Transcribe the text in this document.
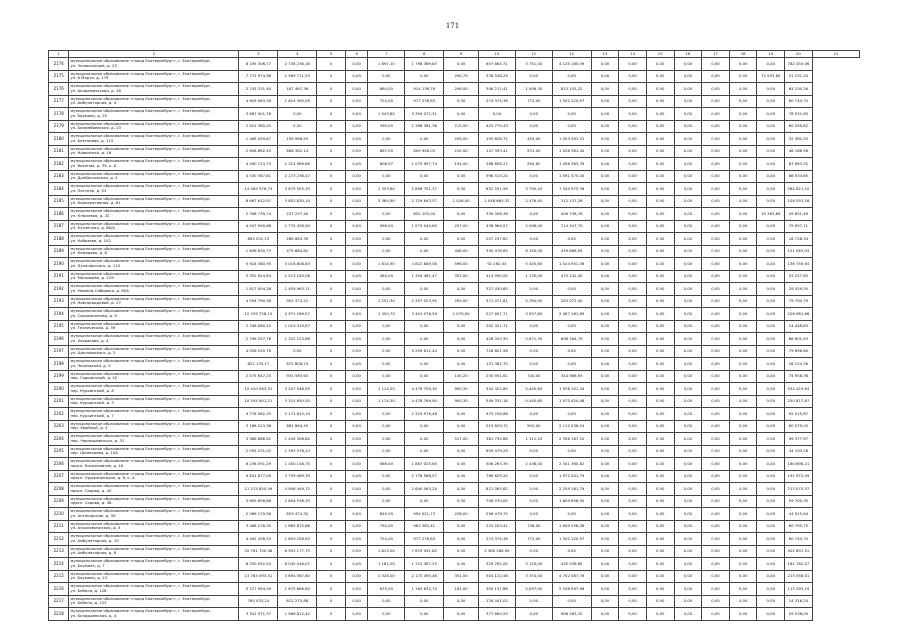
171
1	2	3	4	5	6	7	8	9	10	11	12	13	14	15	16	17	18	19	20	21
2174	муниципальное образование «город Екатеринбург», г. Екатеринбург,
ул. Челюскинцев, д. 23	8 195 306,77	2 738 236,16	0	0,00	1 897,10	1 798 389,83	0,00	607 864,71	3 751,00	4 125 165,09	0,00	0,00	0,00	0,00	0,00	0,00	0,00	782 455,06	
2175	муниципальное образование «город Екатеринбург», г. Екатеринбург,
ул. 8 Марта, д. 179	7 772 974,98	1 569 711,53	0	0,00	0,00	0,00	290,79	338 548,29	0,00	0,00	0,00	0,00	0,00	0,00	0,00	0,00	72 933,65	51 231,20	
2176	муниципальное образование «город Екатеринбург», г. Екатеринбург,
ул. Академическая, д. 18	2 745 331,40	187 467,36	0	0,00	864,00	914 136,76	206,00	346 212,41	1 006,30	813 155,22	0,00	0,00	0,00	0,00	0,00	0,00	0,00	64 230,26	
2177	муниципальное образование «город Екатеринбург», г. Екатеринбург,
ул. Амбулаторная, д. 4	4 626 063,36	1 624 394,09	0	0,00	724,00	977 276,63	0,00	274 374,36	772,00	1 502 120,97	0,00	0,00	0,00	0,00	0,00	0,00	0,00	60 740,70	
2178	муниципальное образование «город Екатеринбург», г. Екатеринбург,
ул. Баумана, д. 25	3 667 901,76	0,00	0	0,00	1 543,80	3 394 072,31	0,00	0,00	0,00	0,00	0,00	0,00	0,00	0,00	0,00	0,00	0,00	78 031,65	
2179	муниципальное образование «город Екатеринбург», г. Екатеринбург,
ул. Билимбаевская, д. 23	2 921 385,55	0,00	0	0,00	399,00	1 396 361,36	715,00	425 770,43	0,00	0,00	0,00	0,00	0,00	0,00	0,00	0,00	0,00	60 559,82	
2180	муниципальное образование «город Екатеринбург», г. Екатеринбург,
ул. Бехтерева, д. 115	1 466 559,87	199 956,93	0	0,00	0,00	0,00	209,00	155 628,72	455,00	1 053 491,31	0,00	0,00	0,00	0,00	0,00	0,00	0,00	32 362,55	
2181	муниципальное образование «город Екатеринбург», г. Екатеринбург,
ул. Новинская, д. 16	2 608 862,45	668 382,14	0	0,00	867,00	809 946,03	215,00	147 393,41	531,00	1 026 361,40	0,00	0,00	0,00	0,00	0,00	0,00	0,00	48 186,56	
2182	муниципальное образование «город Екатеринбург», г. Екатеринбург,
ул. Военная, д. 39, к. Б	4 490 123,73	1 314 986,66	0	0,00	608,97	1 075 997,74	154,00	268 856,27	594,82	1 458 363,39	0,00	0,00	0,00	0,00	0,00	0,00	0,00	87 863,32	
2183	муниципальное образование «город Екатеринбург», г. Екатеринбург,
ул. Донбассовская, д. 4	4 530 367,81	2 273 236,47	0	0,00	0,00	0,00	0,00	596 513,24	0,00	1 591 575,40	0,00	0,00	0,00	0,00	0,00	0,00	0,00	68 934,65	
2184	муниципальное образование «город Екатеринбург», г. Екатеринбург,
ул. Пестеля, д. 53	14 085 976,73	3 875 555,35	0	0,00	1 353,60	2 808 751,37	0,00	832 551,56	3 795,20	7 344 975,36	0,00	0,00	0,00	0,00	0,00	0,00	0,00	284 821,10	
2185	муниципальное образование «город Екатеринбург», г. Екатеринбург,
ул. Кооперативная, д. 81	8 667 612,97	3 852 830,14	0	0,00	3 384,90	2 729 643,57	1 026,00	1 048 663,32	2 476,40	312 137,26	0,00	0,00	0,00	0,00	0,00	0,00	0,00	109 553,18	
2186	муниципальное образование «город Екатеринбург», г. Екатеринбург,
ул. Ключевая, д. 32	2 308 739,74	237 257,40	0	0,00	0,00	852 103,04	0,00	339 308,36	0,00	406 738,76	0,00	0,00	0,00	0,00	0,00	0,00	10 363,89	45 851,49	
2187	муниципальное образование «город Екатеринбург», г. Екатеринбург,
ул. Кузнечная, д. 86/А	4 047 990,66	1 770 458,90	0	0,00	996,00	1 573 044,60	257,00	436 964,57	2 096,00	714 347,70	0,00	0,00	0,00	0,00	0,00	0,00	0,00	79 957,71	
2188	муниципальное образование «город Екатеринбург», г. Екатеринбург,
ул. Кобозева, д. 102	895 032,23	268 863,39	0	0,00	0,00	0,00	0,00	207 237,82	0,00	0,00	0,00	0,00	0,00	0,00	0,00	0,00	0,00	18 728,34	
2189	муниципальное образование «город Екатеринбург», г. Екатеринбург,
ул. Комарова, д. 8	1 836 630,73	475 884,82	0	0,00	0,00	0,00	446,00	330 476,65	6 150,00	439 886,94	0,00	0,00	0,00	0,00	0,00	0,00	0,00	121 063,03	
2190	муниципальное образование «город Екатеринбург», г. Екатеринбург,
ул. Луначарского, д. 115	5 924 380,95	3 016 808,83	0	0,00	1 814,90	4 822 889,58	596,00	92 262,54	5 445,60	1 024 951,36	0,00	0,00	0,00	0,00	0,00	0,00	0,00	136 750,64	
2191	муниципальное образование «город Екатеринбург», г. Екатеринбург,
ул. Малышева, д. 129	3 352 624,84	1 513 163,08	0	0,00	484,00	1 304 461,47	352,00	414 990,00	1 130,00	470 142,40	0,00	0,00	0,00	0,00	0,00	0,00	0,00	53 227,60	
2192	муниципальное образование «город Екатеринбург», г. Екатеринбург,
ул. Мамина-Сибиряка, д. 85А	1 817 004,28	1 459 963,11	0	0,00	0,00	0,00	0,00	327 430,85	0,00	0,00	0,00	0,00	0,00	0,00	0,00	0,00	0,00	29 529,30	
2193	муниципальное образование «город Екатеринбург», г. Екатеринбург,
ул. Новгородцевой, д. 27	4 094 790,36	902 474,21	0	0,00	1 251,30	2 357 023,95	205,00	571 471,81	0,784,00	263 072,40	0,00	0,00	0,00	0,00	0,00	0,00	0,00	79 790,79	
2194	муниципальное образование «город Екатеринбург», г. Екатеринбург,
ул. Сыромолотова, д. 9	12 709 728,15	2 971 189,57	0	0,00	1 350,70	3 401 076,59	1 079,00	227 607,71	3 057,80	2 467 161,69	0,00	0,00	0,00	0,00	0,00	0,00	0,00	228 961,66	
2195	муниципальное образование «город Екатеринбург», г. Екатеринбург,
ул. Техническая, д. 39	2 346 080,42	1 019 419,67	0	0,00	0,00	0,00	0,00	292 321,71	0,00	0,00	0,00	0,00	0,00	0,00	0,00	0,00	0,00	14 448,83	
2196	муниципальное образование «город Екатеринбург», г. Екатеринбург,
ул. Хохрякова, д. 4	2 796 357,78	1 322 123,68	0	0,00	0,00	0,00	0,00	426 343,30	0,671,30	898 164,79	0,00	0,00	0,00	0,00	0,00	0,00	0,00	66 601,93	
2197	муниципальное образование «город Екатеринбург», г. Екатеринбург,
ул. Циолковского, д. 2	4 056 520,76	0,00	0	0,00	0,00	3 259 612,44	0,00	726 601,56	0,00	0,00	0,00	0,00	0,00	0,00	0,00	0,00	0,00	79 696,60	
2198	муниципальное образование «город Екатеринбург», г. Екатеринбург,
ул. Чкаловская, д. 5	822 135,17	672 808,23	0	0,00	0,00	0,00	0,00	131 382,70	0,00	0,00	0,00	0,00	0,00	0,00	0,00	0,00	0,00	18 124,36	
2199	муниципальное образование «город Екатеринбург», г. Екатеринбург,
пер. Гаршинский, д. 42	2 575 647,25	931 563,63	0	0,00	0,00	0,00	145,20	230 951,61	740,00	344 566,93	0,00	0,00	0,00	0,00	0,00	0,00	0,00	74 958,36	
2200	муниципальное образование «город Екатеринбург», г. Екатеринбург,
пер. Курьинский, д. 8	10 410 063,51	3 207 548,59	0	0,00	1 114,20	4 478 709,30	900,30	544 322,80	0,445,60	1 978 101,34	0,00	0,00	0,00	0,00	0,00	0,00	0,00	254 424,64	
2201	муниципальное образование «город Екатеринбург», г. Екатеринбург,
пер. Курьинский, д. 3	10 555 901,21	3 315 650,50	0	0,00	1 114,30	4 478 769,90	900,30	549 331,18	0,445,60	1 975 424,48	0,00	0,00	0,00	0,00	0,00	0,00	0,00	250 817,67	
2202	муниципальное образование «город Екатеринбург», г. Екатеринбург,
пер. Курьинский, д. 7	4 776 562,25	2 174 615,19	0	0,00	0,00	2 324 976,46	0,00	475 708,86	0,00	0,00	0,00	0,00	0,00	0,00	0,00	0,00	0,00	92 015,67	
2203	муниципальное образование «город Екатеринбург», г. Екатеринбург,
пер. Хвойный, д. 4	3 166 223,38	661 864,45	0	0,00	0,00	0,00	0,00	215 829,72	902,00	2 112 036,54	0,00	0,00	0,00	0,00	0,00	0,00	0,00	60 575,05	
2204	муниципальное образование «город Екатеринбург», г. Екатеринбург,
пер. Чернышевского, д. 31	3 986 686,61	1 449 306,80	0	0,00	0,00	0,00	517,00	381 734,86	1 311,20	2 356 167,20	0,00	0,00	0,00	0,00	0,00	0,00	0,00	99 377,97	
2205	муниципальное образование «город Екатеринбург», г. Екатеринбург,
пер. Шкипорова, д. 10А	2 092 231,02	1 393 578,13	0	0,00	0,00	0,00	0,00	659 479,29	0,00	0,00	0,00	0,00	0,00	0,00	0,00	0,00	0,00	44 193,26	
2206	муниципальное образование «город Екатеринбург», г. Екатеринбург,
просп. Космонавтов, д. 16	6 236 091,29	1 450 146,75	0	0,00	586,00	1 867 025,65	0,00	506 263,39	2 436,00	2 341 360,82	0,00	0,00	0,00	0,00	0,00	0,00	0,00	160 698,21	
2207	муниципальное образование «город Екатеринбург», г. Екатеринбург,
просп. Орджоникидзе, д. 6, к. А	9 841 877,05	3 759 069,39	0	0,00	0,00	2 778 566,57	0,00	786 629,20	0,00	1 972 041,79	0,00	0,00	0,00	0,00	0,00	0,00	0,00	192 972,09	
2208	муниципальное образование «город Екатеринбург», г. Екатеринбург,
просп. Седова, д. 40	11 274 850,49	4 908 449,72	0	0,00	0,00	2 640 063,24	0,00	821 085,82	0,00	2 259 181,79	0,00	0,00	0,00	0,00	0,00	0,00	0,00	213 075,57	
2209	муниципальное образование «город Екатеринбург», г. Екатеринбург,
просп. Седова, д. 48	3 609 806,86	2 804 538,35	0	0,00	0,00	0,00	0,00	706 070,00	0,00	1 809 858,90	0,00	0,00	0,00	0,00	0,00	0,00	0,00	59 700,35	
2210	муниципальное образование «город Екатеринбург», г. Екатеринбург,
ул. Аптекарская, д. 39	2 066 179,56	853 474,32	0	0,00	625,00	994 021,73	228,00	256 479,75	0,00	0,00	0,00	0,00	0,00	0,00	0,00	0,00	0,00	44 915,94	
2211	муниципальное образование «город Екатеринбург», г. Екатеринбург,
ул. Агрономическая, д. 5	3 486 276,35	1 665 875,68	0	0,00	750,00	963 362,41	0,00	225 553,41	736,00	1 609 558,08	0,00	0,00	0,00	0,00	0,00	0,00	0,00	60 795,75	
2212	муниципальное образование «город Екатеринбург», г. Екатеринбург,
ул. Амбулаторная, д. 10	4 492 458,33	1 603 258,63	0	0,00	724,00	977 276,63	0,00	274 374,36	772,00	1 502 120,97	0,00	0,00	0,00	0,00	0,00	0,00	0,00	60 740,70	
2213	муниципальное образование «город Екатеринбург», г. Екатеринбург,
ул. Амбулаторная, д. 8	20 761 750,48	6 931 177,75	0	0,00	1 813,00	7 670 091,82	0,00	2 380 268,95	0,00	0,00	0,00	0,00	0,00	0,00	0,00	0,00	0,00	402 891,51	
2214	муниципальное образование «город Екатеринбург», г. Екатеринбург,
ул. Баумана, д. 7	8 330 092,54	6 045 046,07	0	0,00	1 181,00	1 710 387,25	0,00	329 762,00	3 123,00	435 036,85	0,00	0,00	0,00	0,00	0,00	0,00	0,00	161 782,57	
2215	муниципальное образование «город Екатеринбург», г. Екатеринбург,
ул. Баумана, д. 23	13 764 093,51	3 694 567,80	0	0,00	1 328,00	2 172 495,46	351,00	504 122,46	3 374,00	4 752 087,76	0,00	0,00	0,00	0,00	0,00	0,00	0,00	213 058,01	
2216	муниципальное образование «город Екатеринбург», г. Екатеринбург,
ул. Бебеля, д. 128	5 727 954,59	1 675 866,80	0	0,00	675,00	1 163 632,74	161,00	300 137,88	0,097,00	2 538 997,96	0,00	0,00	0,00	0,00	0,00	0,00	0,00	113 295,19	
2217	муниципальное образование «город Екатеринбург», г. Екатеринбург,
ул. Бебеля, д. 123	765 033,24	622 275,88	0	0,00	0,00	0,00	0,00	128 441,02	0,00	0,00	0,00	0,00	0,00	0,00	0,00	0,00	0,00	14 316,24	
2218	муниципальное образование «город Екатеринбург», г. Екатеринбург,
ул. Болдыревская, д. 4	3 341 971,37	1 966 812,42	0	0,00	0,00	0,00	0,00	377 864,55	0,00	998 263,32	0,00	0,00	0,00	0,00	0,00	0,00	0,00	55 538,05	
